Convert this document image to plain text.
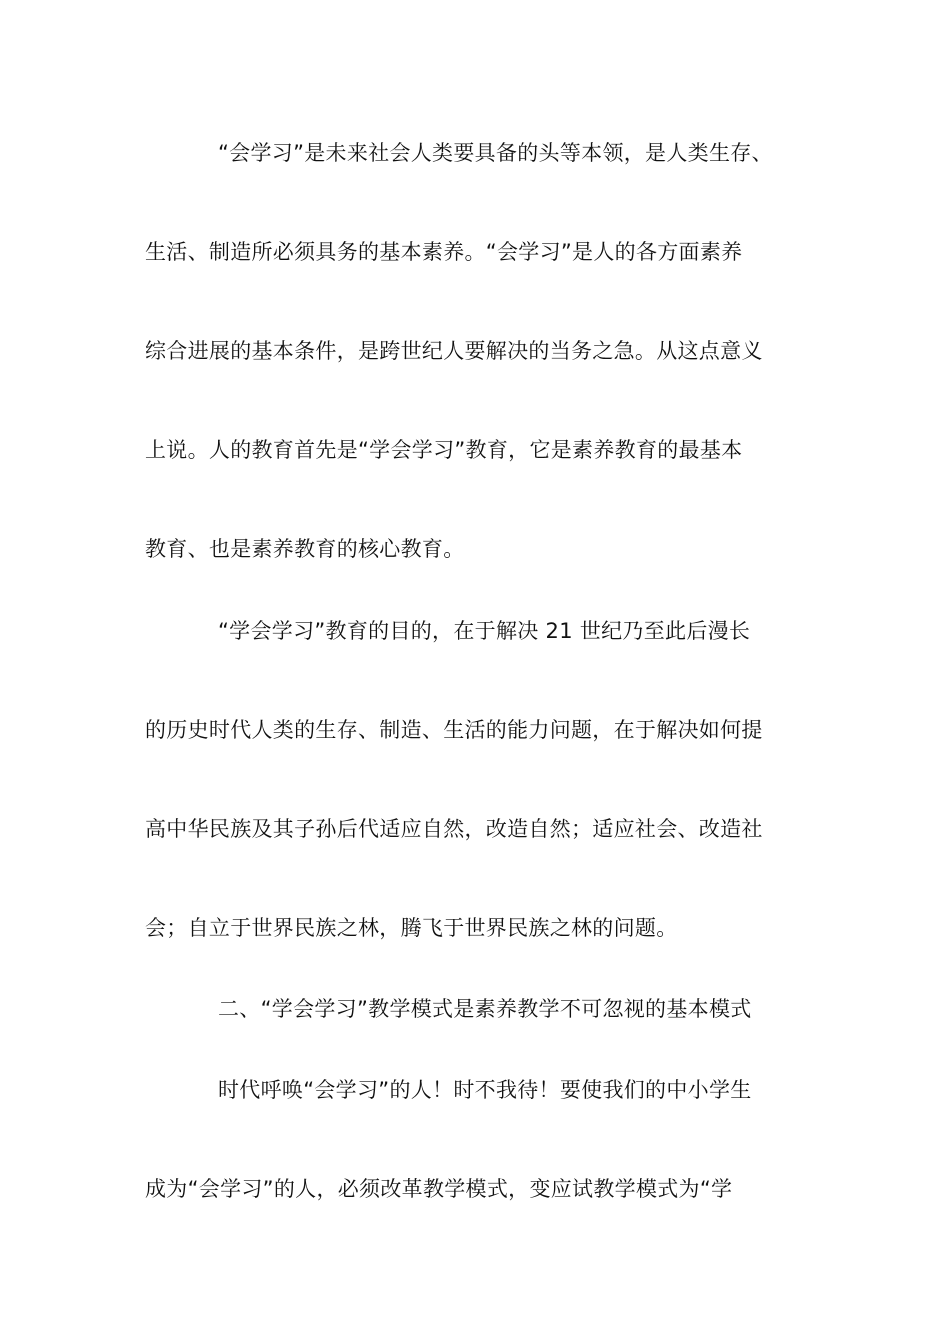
“会学习”是未来社会人类要具备的头等本领，是人类生存、
生活、制造所必须具务的基本素养。“会学习”是人的各方面素养
综合进展的基本条件，是跨世纪人要解决的当务之急。从这点意义
上说。人的教育首先是“学会学习”教育，它是素养教育的最基本
教育、也是素养教育的核心教育。
“学会学习”教育的目的，在于解决 21 世纪乃至此后漫长
的历史时代人类的生存、制造、生活的能力问题，在于解决如何提
高中华民族及其子孙后代适应自然，改造自然；适应社会、改造社
会；自立于世界民族之林，腾飞于世界民族之林的问题。
二、“学会学习”教学模式是素养教学不可忽视的基本模式
时代呼唤“会学习”的人！时不我待！要使我们的中小学生
成为“会学习”的人，必须改革教学模式，变应试教学模式为“学
